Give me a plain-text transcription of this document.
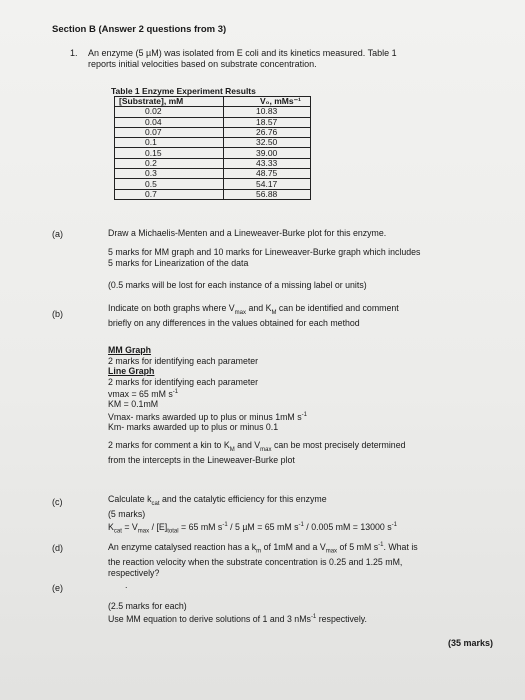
Section B (Answer 2 questions from 3)
1. An enzyme (5 µM) was isolated from E coli and its kinetics measured. Table 1
reports initial velocities based on substrate concentration.
Table 1 Enzyme Experiment Results
[Substrate], mM	V₀, mMs⁻¹
0.02	10.83
0.04	18.57
0.07	26.76
0.1	32.50
0.15	39.00
0.2	43.33
0.3	48.75
0.5	54.17
0.7	56.88
(a)	Draw a Michaelis-Menten and a Lineweaver-Burke plot for this enzyme.
5 marks for MM graph and 10 marks for Lineweaver-Burke graph which includes
5 marks for Linearization of the data
(0.5 marks will be lost for each instance of a missing label or units)
(b)
Indicate on both graphs where $V_{max}$ and $K_M$ can be identified and comment
briefly on any differences in the values obtained for each method
MM Graph
2 marks for identifying each parameter
Line Graph
2 marks for identifying each parameter
vmax = 65 mM $s^{-1}$
KM = 0.1mM
Vmax- marks awarded up to plus or minus 1mM $s^{-1}$
Km- marks awarded up to plus or minus 0.1
2 marks for comment a kin to $K_M$ and $V_{max}$ can be most precisely determined
from the intercepts in the Lineweaver-Burke plot
(c)	Calculate $k_{cat}$ and the catalytic efficiency for this enzyme
(5 marks)
$K_{cat} = V_{max} / [E]_{total} = 65$ mM $s^{-1} / 5$ µM = 65 mM $s^{-1} / 0.005$ mM = 13000 $s^{-1}$
(d)	An enzyme catalysed reaction has a $k_m$ of 1mM and a $V_{max}$ of 5 mM $s^{-1}$. What is
the reaction velocity when the substrate concentration is 0.25 and 1.25 mM,
respectively?
(e)	.
(2.5 marks for each)
Use MM equation to derive solutions of 1 and 3 nMs$^{-1}$ respectively.
(35 marks)
